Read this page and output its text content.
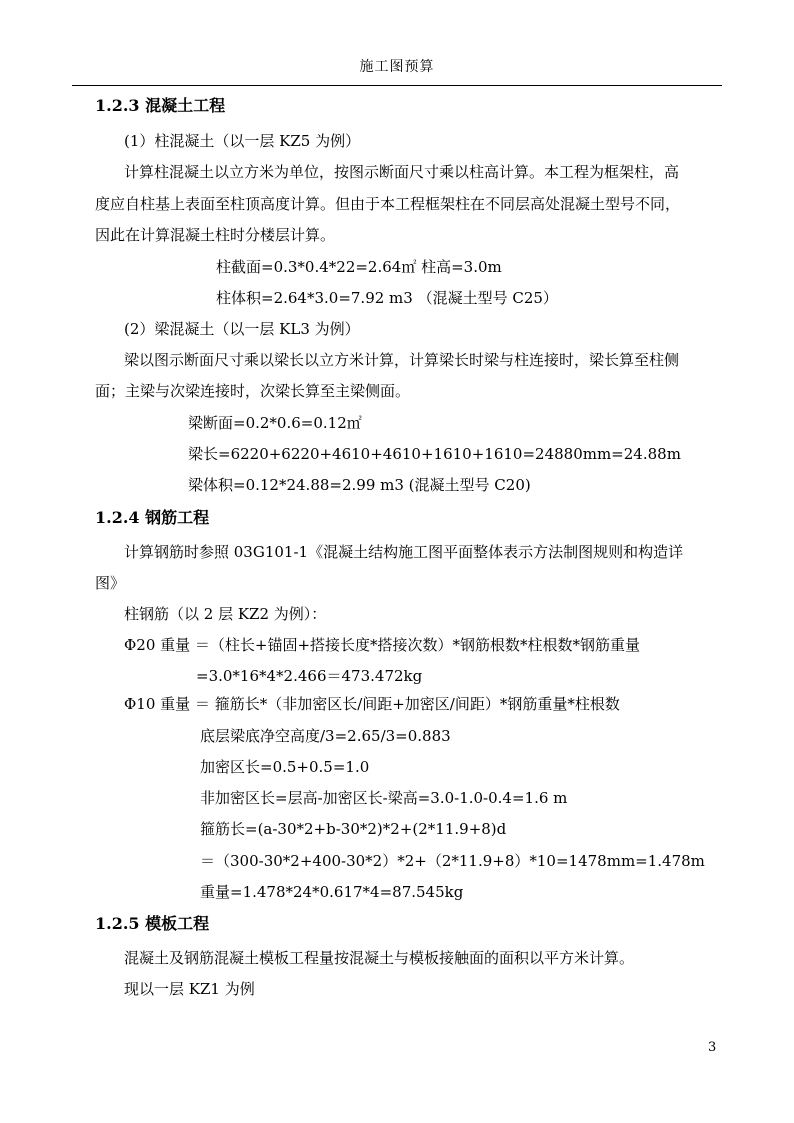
施工图预算
1.2.3 混凝土工程
(1）柱混凝土（以一层 KZ5 为例）
计算柱混凝土以立方米为单位，按图示断面尺寸乘以柱高计算。本工程为框架柱，高
度应自柱基上表面至柱顶高度计算。但由于本工程框架柱在不同层高处混凝土型号不同，
因此在计算混凝土柱时分楼层计算。
柱截面=0.3*0.4*22=2.64㎡ 柱高=3.0m
柱体积=2.64*3.0=7.92 m3 （混凝土型号 C25）
(2）梁混凝土（以一层 KL3 为例）
梁以图示断面尺寸乘以梁长以立方米计算，计算梁长时梁与柱连接时，梁长算至柱侧
面；主梁与次梁连接时，次梁长算至主梁侧面。
梁断面=0.2*0.6=0.12㎡
梁长=6220+6220+4610+4610+1610+1610=24880mm=24.88m
梁体积=0.12*24.88=2.99 m3 (混凝土型号 C20)
1.2.4 钢筋工程
计算钢筋时参照 03G101-1《混凝土结构施工图平面整体表示方法制图规则和构造详
图》
柱钢筋（以 2 层 KZ2 为例）：
Φ20 重量 ＝（柱长+锚固+搭接长度*搭接次数）*钢筋根数*柱根数*钢筋重量
=3.0*16*4*2.466＝473.472kg
Φ10 重量 ＝ 箍筋长*（非加密区长/间距+加密区/间距）*钢筋重量*柱根数
底层梁底净空高度/3=2.65/3=0.883
加密区长=0.5+0.5=1.0
非加密区长=层高-加密区长-梁高=3.0-1.0-0.4=1.6 m
箍筋长=(a-30*2+b-30*2)*2+(2*11.9+8)d
＝（300-30*2+400-30*2）*2+（2*11.9+8）*10=1478mm=1.478m
重量=1.478*24*0.617*4=87.545kg
1.2.5 模板工程
混凝土及钢筋混凝土模板工程量按混凝土与模板接触面的面积以平方米计算。
现以一层 KZ1 为例
3
